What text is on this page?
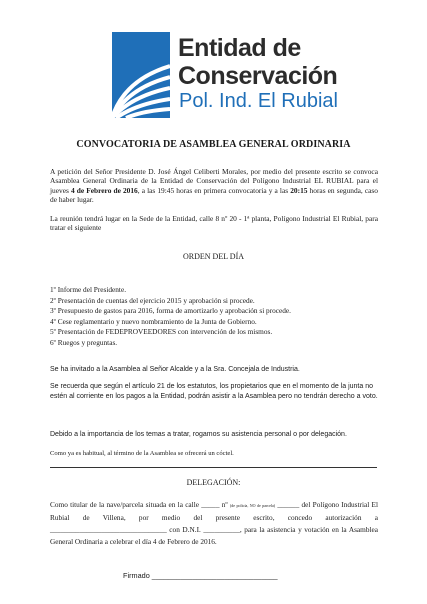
Entidad de
Conservación
Pol. Ind. El Rubial
CONVOCATORIA DE ASAMBLEA GENERAL ORDINARIA
A petición del Señor Presidente D. José Ángel Celiberti Morales, por medio del presente escrito se convoca Asamblea General Ordinaria de la Entidad de Conservación del Polígono Industrial EL RUBIAL para el jueves 4 de Febrero de 2016, a las 19:45 horas en primera convocatoria y a las 20:15 horas en segunda, caso de haber lugar.
La reunión tendrá lugar en la Sede de la Entidad, calle 8 nº 20 - 1ª planta, Polígono Industrial El Rubial, para tratar el siguiente
ORDEN DEL DÍA
1º Informe del Presidente.
2º Presentación de cuentas del ejercicio 2015 y aprobación si procede.
3º Presupuesto de gastos para 2016, forma de amortizarlo y aprobación si procede.
4º Cese reglamentario y nuevo nombramiento de la Junta de Gobierno.
5º Presentación de FEDEPROVEEDORES con intervención de los mismos.
6º Ruegos y preguntas.
Se ha invitado a la Asamblea al Señor Alcalde y a la Sra. Concejala de Industria.
Se recuerda que según el artículo 21 de los estatutos, los propietarios que en el momento de la junta no estén al corriente en los pagos a la Entidad, podrán asistir a la Asamblea pero no tendrán derecho a voto.
Debido a la importancia de los temas a tratar, rogamos su asistencia personal o por delegación.
Como ya es habitual, al término de la Asamblea se ofrecerá un cóctel.
DELEGACIÓN:
Como titular de la nave/parcela situada en la calle _____ nº (de policía, NO de parcela) ______ del Polígono Industrial El Rubial de Villena, por medio del presente escrito, concedo autorización a ________________________________ con D.N.I. __________, para la asistencia y votación en la Asamblea General Ordinaria a celebrar el día 4 de Febrero de 2016.
Firmado _______________________________
